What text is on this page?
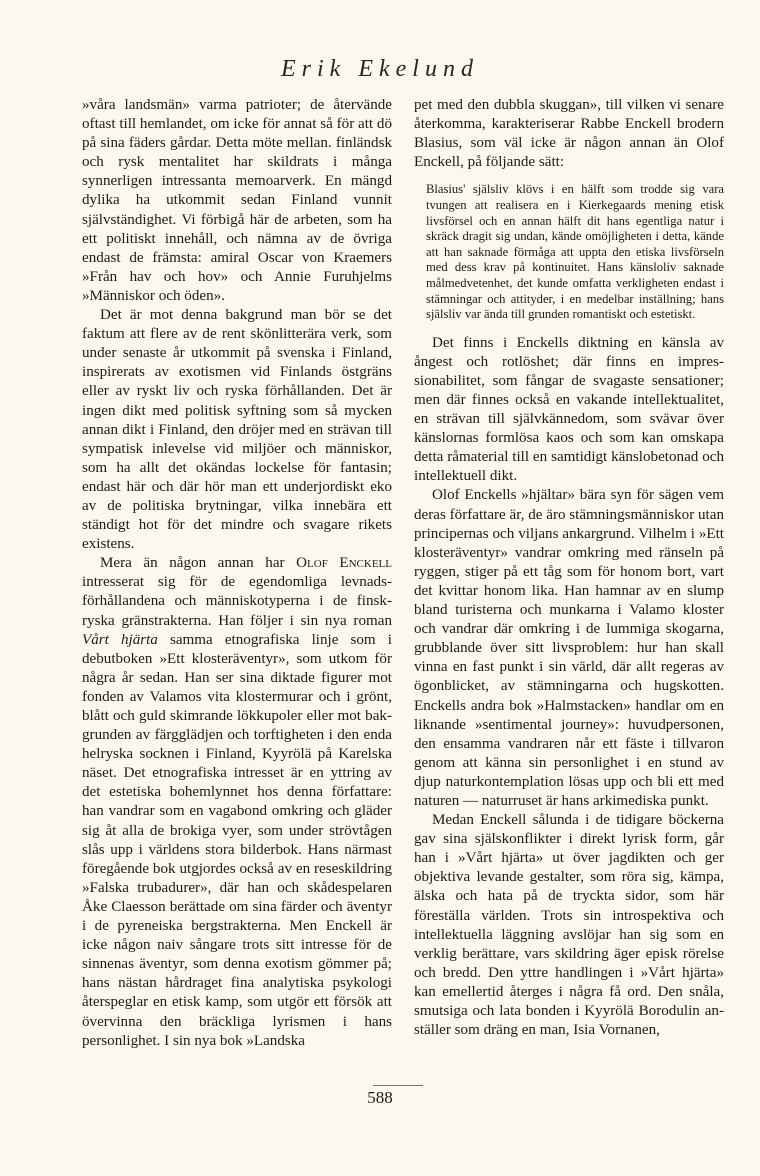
Erik Ekelund

»våra landsmän» varma patrioter; de återvände oftast till hemlandet, om icke för annat så för att dö på sina fäders gårdar. Detta möte mellan. finländsk och rysk mentalitet har skildrats i många synnerligen intressanta memoarverk. En mängd dylika ha utkommit sedan Finland vunnit självständighet. Vi förbigå här de arbeten, som ha ett politiskt innehåll, och nämna av de övriga endast de främsta: amiral Oscar von Kraemers »Från hav och hov» och Annie Furuhjelms »Människor och öden».

Det är mot denna bakgrund man bör se det faktum att flere av de rent skönlitterära verk, som under senaste år utkommit på svenska i Finland, inspirerats av exotismen vid Finlands östgräns eller av ryskt liv och ryska förhållanden. Det är ingen dikt med politisk syftning som så mycken annan dikt i Finland, den dröjer med en strävan till sympatisk inlevelse vid miljöer och människor, som ha allt det okändas lockelse för fantasin; endast här och där hör man ett underjordiskt eko av de politiska brytningar, vilka innebära ett ständigt hot för det mindre och svagare rikets existens.

Mera än någon annan har Olof Enckell intresserat sig för de egendomliga levnadsförhållandena och människotyperna i de finsk-ryska gränstrakterna. Han följer i sin nya roman Vårt hjärta samma etnografiska linje som i debutboken »Ett klosteräventyr», som utkom för några år sedan. Han ser sina diktade figurer mot fonden av Valamos vita klostermurar och i grönt, blått och guld skimrande lökkupoler eller mot bakgrunden av färgglädjen och torftigheten i den enda helryska socknen i Finland, Kyyrölä på Karelska näset. Det etnografiska intresset är en yttring av det estetiska bohemlynnet hos denna författare: han vandrar som en vagabond omkring och gläder sig åt alla de brokiga vyer, som under strövtågen slås upp i världens stora bilderbok. Hans närmast föregående bok utgjordes också av en reseskildring »Falska trubadurer», där han och skådespelaren Åke Claesson berättade om sina färder och äventyr i de pyreneiska bergstrakterna. Men Enckell är icke någon naiv sångare trots sitt intresse för de sinnenas äventyr, som denna exotism gömmer på; hans nästan hårdraget fina analytiska psykologi återspeglar en etisk kamp, som utgör ett försök att övervinna den bräckliga lyrismen i hans personlighet. I sin nya bok »Landska

pet med den dubbla skuggan», till vilken vi senare återkomma, karakteriserar Rabbe Enckell brodern Blasius, som väl icke är någon annan än Olof Enckell, på följande sätt:

Blasius' själsliv klövs i en hälft som trodde sig vara tvungen att realisera en i Kierkegaards mening etisk livsförsel och en annan hälft dit hans egentliga natur i skräck dragit sig undan, kände omöjligheten i detta, kände att han saknade förmåga att uppta den etiska livsförseln med dess krav på kontinuitet. Hans känsloliv saknade målmedvetenhet, det kunde omfatta verkligheten endast i stämningar och attityder, i en medelbar inställning; hans själsliv var ända till grunden romantiskt och estetiskt.

Det finns i Enckells diktning en känsla av ångest och rotlöshet; där finns en impressionabilitet, som fångar de svagaste sensationer; men där finnes också en vakande intellektualitet, en strävan till självkännedom, som svävar över känslornas formlösa kaos och som kan omskapa detta råmaterial till en samtidigt känslobetonad och intellektuell dikt.

Olof Enckells »hjältar» bära syn för sägen vem deras författare är, de äro stämningsmänniskor utan principernas och viljans ankargrund. Vilhelm i »Ett klosteräventyr» vandrar omkring med ränseln på ryggen, stiger på ett tåg som för honom bort, vart det kvittar honom lika. Han hamnar av en slump bland turisterna och munkarna i Valamo kloster och vandrar där omkring i de lummiga skogarna, grubblande över sitt livsproblem: hur han skall vinna en fast punkt i sin värld, där allt regeras av ögonblicket, av stämningarna och hugskotten. Enckells andra bok »Halmstacken» handlar om en liknande »sentimental journey»: huvudpersonen, den ensamma vandraren når ett fäste i tillvaron genom att känna sin personlighet i en stund av djup naturkontemplation lösas upp och bli ett med naturen — naturruset är hans arkimediska punkt.

Medan Enckell sålunda i de tidigare böckerna gav sina själskonflikter i direkt lyrisk form, går han i »Vårt hjärta» ut över jagdikten och ger objektiva levande gestalter, som röra sig, kämpa, älska och hata på de tryckta sidor, som här föreställa världen. Trots sin introspektiva och intellektuella läggning avslöjar han sig som en verklig berättare, vars skildring äger episk rörelse och bredd. Den yttre handlingen i »Vårt hjärta» kan emellertid återges i några få ord. Den snåla, smutsiga och lata bonden i Kyyrölä Borodulin anställer som dräng en man, Isia Vornanen,

588
